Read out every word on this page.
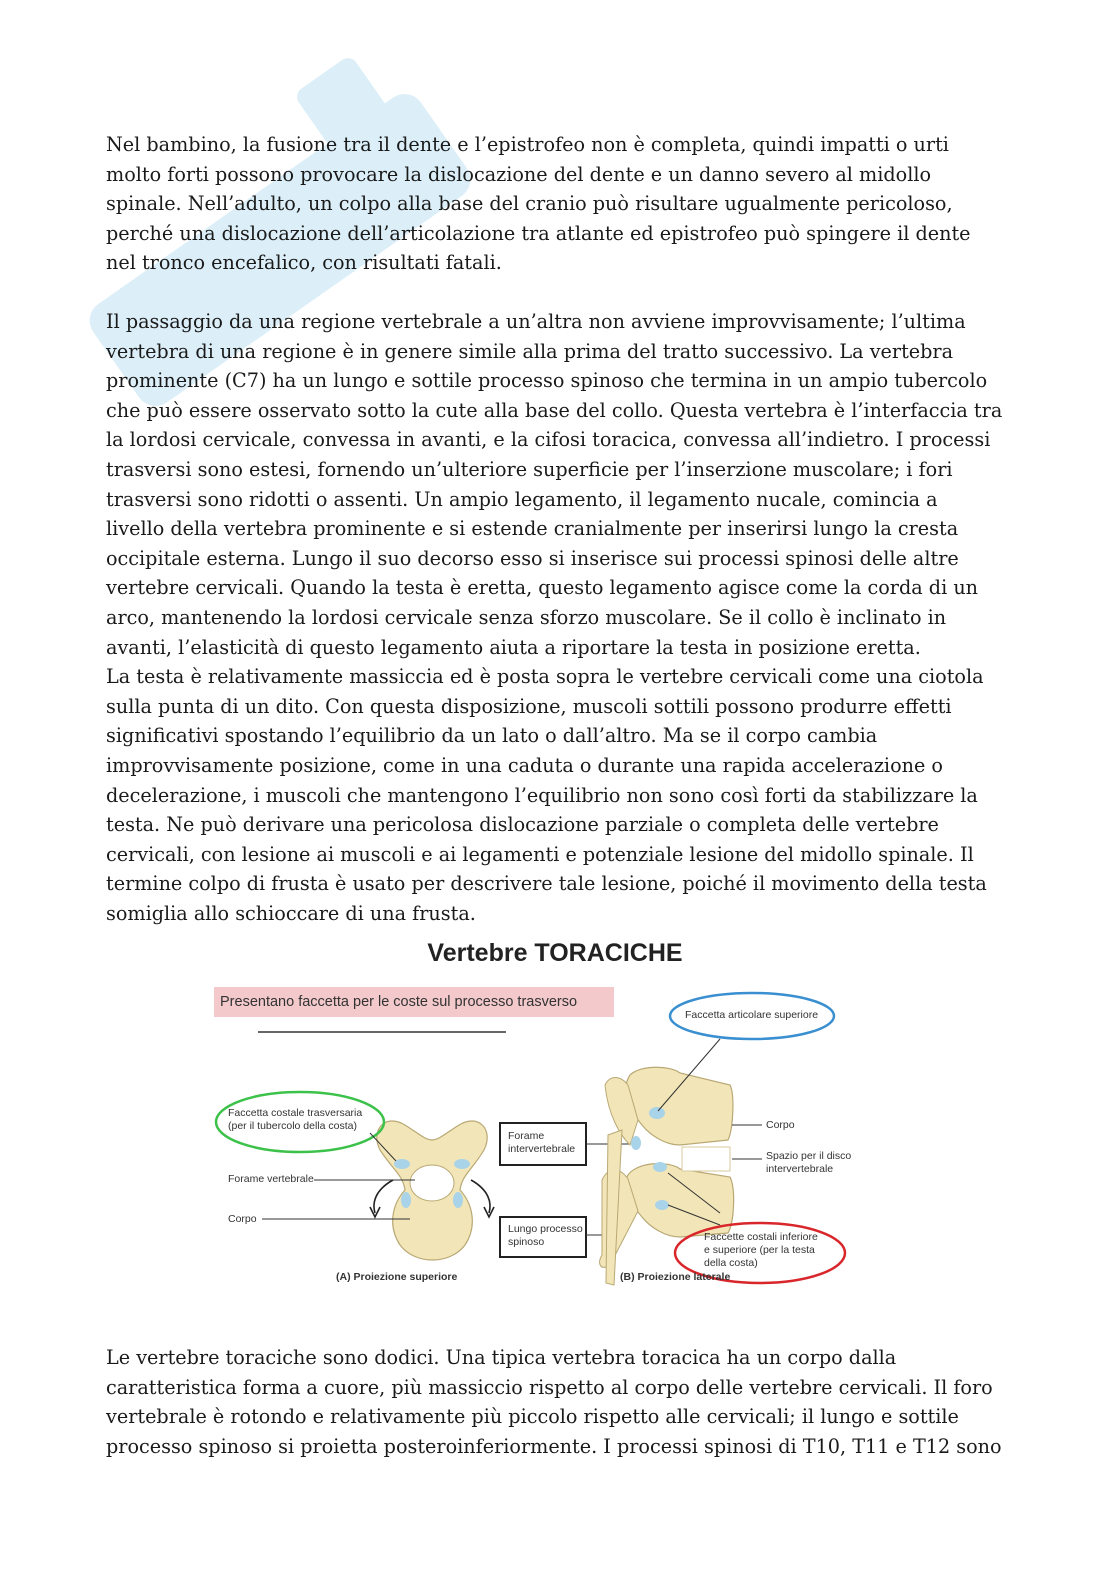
Nel bambino, la fusione tra il dente e l’epistrofeo non è completa, quindi impatti o urti
molto forti possono provocare la dislocazione del dente e un danno severo al midollo
spinale. Nell’adulto, un colpo alla base del cranio può risultare ugualmente pericoloso,
perché una dislocazione dell’articolazione tra atlante ed epistrofeo può spingere il dente
nel tronco encefalico, con risultati fatali.

Il passaggio da una regione vertebrale a un’altra non avviene improvvisamente; l’ultima
vertebra di una regione è in genere simile alla prima del tratto successivo. La vertebra
prominente (C7) ha un lungo e sottile processo spinoso che termina in un ampio tubercolo
che può essere osservato sotto la cute alla base del collo. Questa vertebra è l’interfaccia tra
la lordosi cervicale, convessa in avanti, e la cifosi toracica, convessa all’indietro. I processi
trasversi sono estesi, fornendo un’ulteriore superficie per l’inserzione muscolare; i fori
trasversi sono ridotti o assenti. Un ampio legamento, il legamento nucale, comincia a
livello della vertebra prominente e si estende cranialmente per inserirsi lungo la cresta
occipitale esterna. Lungo il suo decorso esso si inserisce sui processi spinosi delle altre
vertebre cervicali. Quando la testa è eretta, questo legamento agisce come la corda di un
arco, mantenendo la lordosi cervicale senza sforzo muscolare. Se il collo è inclinato in
avanti, l’elasticità di questo legamento aiuta a riportare la testa in posizione eretta.
La testa è relativamente massiccia ed è posta sopra le vertebre cervicali come una ciotola
sulla punta di un dito. Con questa disposizione, muscoli sottili possono produrre effetti
significativi spostando l’equilibrio da un lato o dall’altro. Ma se il corpo cambia
improvvisamente posizione, come in una caduta o durante una rapida accelerazione o
decelerazione, i muscoli che mantengono l’equilibrio non sono così forti da stabilizzare la
testa. Ne può derivare una pericolosa dislocazione parziale o completa delle vertebre
cervicali, con lesione ai muscoli e ai legamenti e potenziale lesione del midollo spinale. Il
termine colpo di frusta è usato per descrivere tale lesione, poiché il movimento della testa
somiglia allo schioccare di una frusta.

Vertebre TORACICHE
Presentano faccetta per le coste sul processo trasverso
Faccetta costale trasversaria
(per il tubercolo della costa)
Forame vertebrale
Corpo
Forame
intervertebrale
Lungo processo
spinoso
Faccetta articolare superiore
Corpo
Spazio per il disco
intervertebrale
Faccette costali inferiore
e superiore (per la testa
della costa)
(A) Proiezione superiore	(B) Proiezione laterale

Le vertebre toraciche sono dodici. Una tipica vertebra toracica ha un corpo dalla
caratteristica forma a cuore, più massiccio rispetto al corpo delle vertebre cervicali. Il foro
vertebrale è rotondo e relativamente più piccolo rispetto alle cervicali; il lungo e sottile
processo spinoso si proietta posteroinferiormente. I processi spinosi di T10, T11 e T12 sono
